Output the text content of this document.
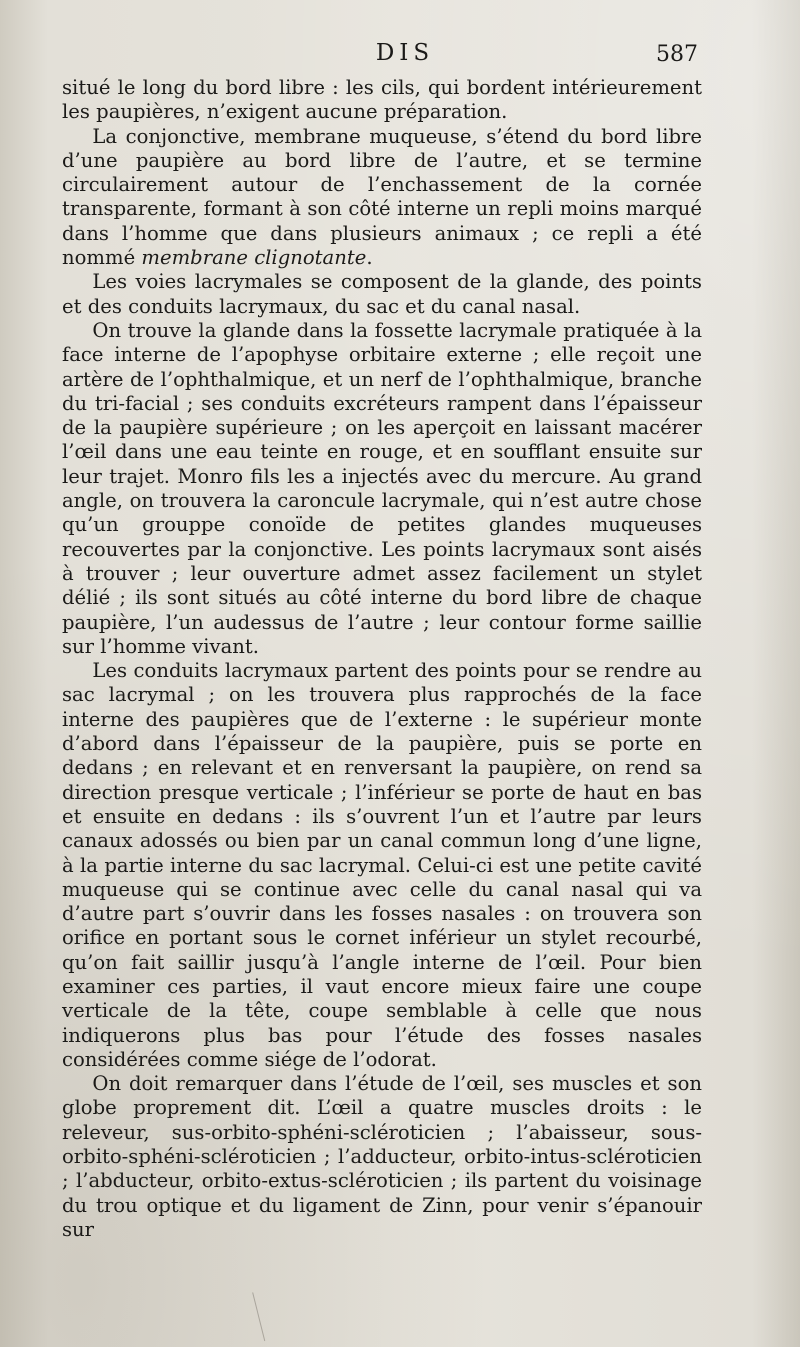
DIS	587

situé le long du bord libre : les cils, qui bordent intérieurement les paupières, n’exigent aucune préparation.

La conjonctive, membrane muqueuse, s’étend du bord libre d’une paupière au bord libre de l’autre, et se termine circulairement autour de l’enchassement de la cornée transparente, formant à son côté interne un repli moins marqué dans l’homme que dans plusieurs animaux ; ce repli a été nommé membrane clignotante.

Les voies lacrymales se composent de la glande, des points et des conduits lacrymaux, du sac et du canal nasal.

On trouve la glande dans la fossette lacrymale pratiquée à la face interne de l’apophyse orbitaire externe ; elle reçoit une artère de l’ophthalmique, et un nerf de l’ophthalmique, branche du tri-facial ; ses conduits excréteurs rampent dans l’épaisseur de la paupière supérieure ; on les aperçoit en laissant macérer l’œil dans une eau teinte en rouge, et en soufflant ensuite sur leur trajet. Monro fils les a injectés avec du mercure. Au grand angle, on trouvera la caroncule lacrymale, qui n’est autre chose qu’un grouppe conoïde de petites glandes muqueuses recouvertes par la conjonctive. Les points lacrymaux sont aisés à trouver ; leur ouverture admet assez facilement un stylet délié ; ils sont situés au côté interne du bord libre de chaque paupière, l’un audessus de l’autre ; leur contour forme saillie sur l’homme vivant.

Les conduits lacrymaux partent des points pour se rendre au sac lacrymal ; on les trouvera plus rapprochés de la face interne des paupières que de l’externe : le supérieur monte d’abord dans l’épaisseur de la paupière, puis se porte en dedans ; en relevant et en renversant la paupière, on rend sa direction presque verticale ; l’inférieur se porte de haut en bas et ensuite en dedans : ils s’ouvrent l’un et l’autre par leurs canaux adossés ou bien par un canal commun long d’une ligne, à la partie interne du sac lacrymal. Celui-ci est une petite cavité muqueuse qui se continue avec celle du canal nasal qui va d’autre part s’ouvrir dans les fosses nasales : on trouvera son orifice en portant sous le cornet inférieur un stylet recourbé, qu’on fait saillir jusqu’à l’angle interne de l’œil. Pour bien examiner ces parties, il vaut encore mieux faire une coupe verticale de la tête, coupe semblable à celle que nous indiquerons plus bas pour l’étude des fosses nasales considérées comme siége de l’odorat.

On doit remarquer dans l’étude de l’œil, ses muscles et son globe proprement dit. L’œil a quatre muscles droits : le releveur, sus-orbito-sphéni-scléroticien ; l’abaisseur, sous-orbito-sphéni-scléroticien ; l’adducteur, orbito-intus-scléroticien ; l’abducteur, orbito-extus-scléroticien ; ils partent du voisinage du trou optique et du ligament de Zinn, pour venir s’épanouir sur
